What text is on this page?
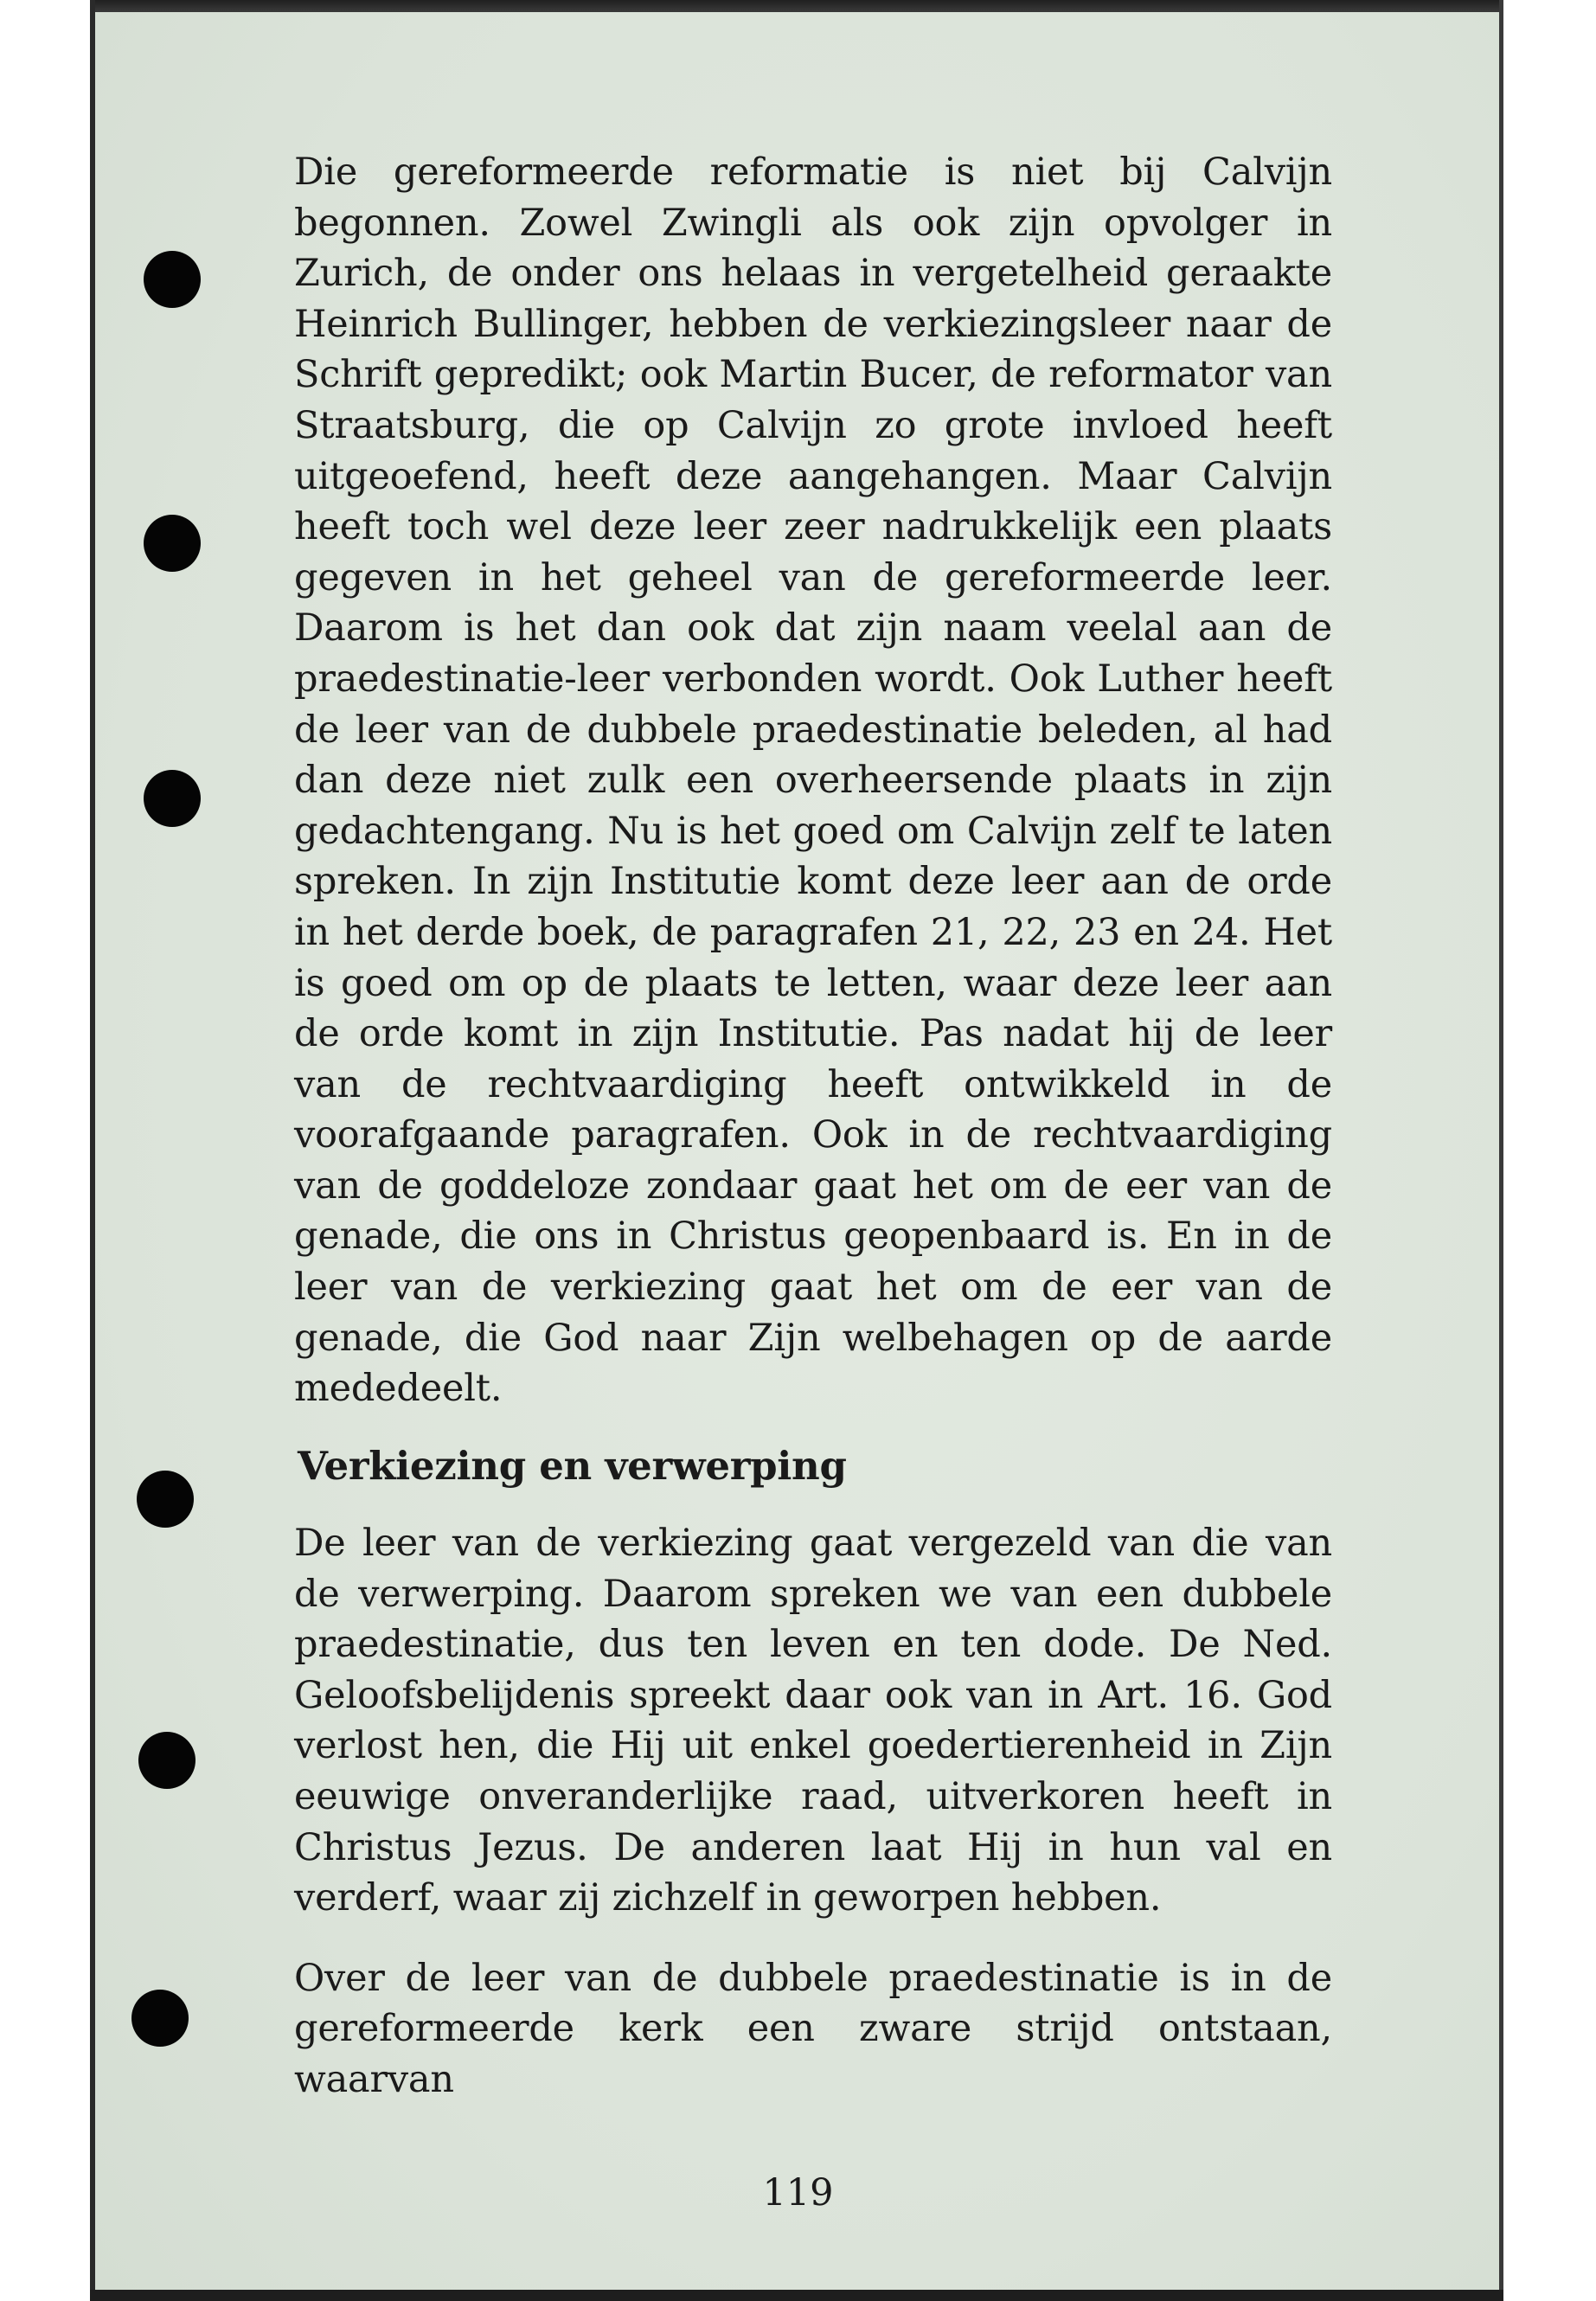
Die gereformeerde reformatie is niet bij Calvijn begonnen. Zowel Zwingli als ook zijn opvolger in Zurich, de onder ons helaas in vergetelheid geraakte Heinrich Bullinger, hebben de verkiezingsleer naar de Schrift gepredikt; ook Martin Bucer, de reformator van Straatsburg, die op Calvijn zo grote invloed heeft uitgeoefend, heeft deze aangehangen. Maar Calvijn heeft toch wel deze leer zeer nadrukkelijk een plaats gegeven in het geheel van de gereformeerde leer. Daarom is het dan ook dat zijn naam veelal aan de praedestinatie-leer verbonden wordt. Ook Luther heeft de leer van de dubbele praedestinatie beleden, al had dan deze niet zulk een overheersende plaats in zijn gedachtengang. Nu is het goed om Calvijn zelf te laten spreken. In zijn Institutie komt deze leer aan de orde in het derde boek, de paragrafen 21, 22, 23 en 24. Het is goed om op de plaats te letten, waar deze leer aan de orde komt in zijn Institutie. Pas nadat hij de leer van de rechtvaardiging heeft ontwikkeld in de voorafgaande paragrafen. Ook in de rechtvaardiging van de goddeloze zondaar gaat het om de eer van de genade, die ons in Christus geopenbaard is. En in de leer van de verkiezing gaat het om de eer van de genade, die God naar Zijn welbehagen op de aarde mededeelt.

Verkiezing en verwerping

De leer van de verkiezing gaat vergezeld van die van de verwerping. Daarom spreken we van een dubbele praedestinatie, dus ten leven en ten dode. De Ned. Geloofsbelijdenis spreekt daar ook van in Art. 16. God verlost hen, die Hij uit enkel goedertierenheid in Zijn eeuwige onveranderlijke raad, uitverkoren heeft in Christus Jezus. De anderen laat Hij in hun val en verderf, waar zij zichzelf in geworpen hebben.

Over de leer van de dubbele praedestinatie is in de gereformeerde kerk een zware strijd ontstaan, waarvan

119
